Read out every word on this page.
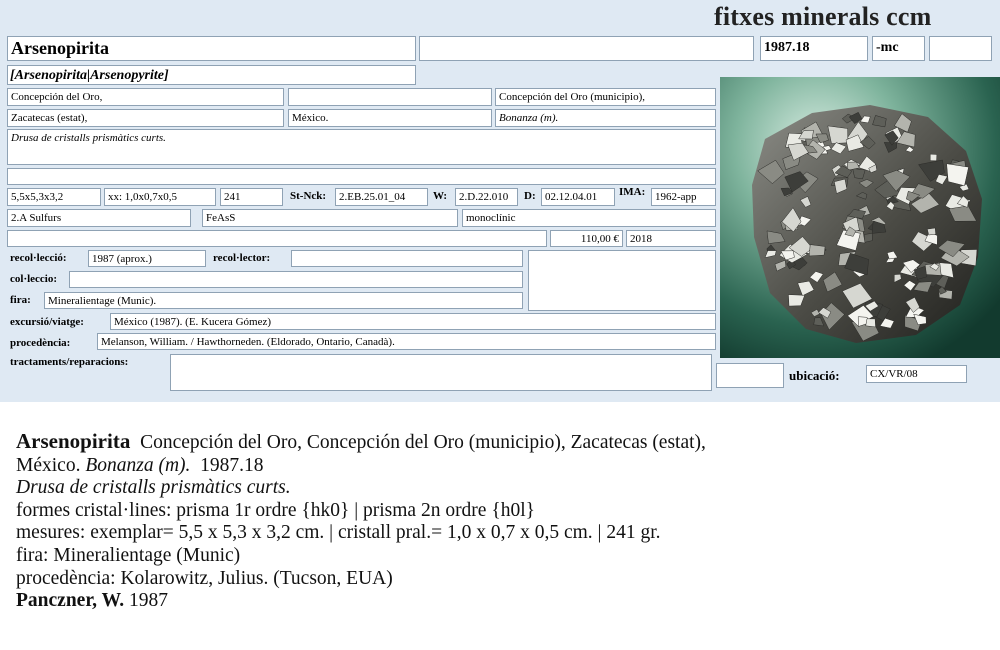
fitxes minerals ccm
Arsenopirita	1987.18	-mc
[Arsenopirita|Arsenopyrite]
Concepción del Oro,	Concepción del Oro (municipio),
Zacatecas (estat),	México.	Bonanza (m).
Drusa de cristalls prismàtics curts.
5,5x5,3x3,2	xx: 1,0x0,7x0,5	241	St-Nck:	2.EB.25.01_04	W:	2.D.22.010	D: 02.12.04.01	IMA: 1962-app
2.A Sulfurs	FeAsS	monoclínic
110,00 €	2018
recol·lecció:	1987 (aprox.)	recol·lector:
col·leccio:
fira:	Mineralientage (Munic).
excursió/viatge:	México (1987). (E. Kucera Gómez)
procedència:	Melanson, William. / Hawthorneden. (Eldorado, Ontario, Canadà).
tractaments/reparacions:
ubicació:	CX/VR/08
Arsenopirita Concepción del Oro, Concepción del Oro (municipio), Zacatecas (estat),
México. Bonanza (m). 1987.18
Drusa de cristalls prismàtics curts.
formes cristal·lines: prisma 1r ordre {hk0} | prisma 2n ordre {h0l}
mesures: exemplar= 5,5 x 5,3 x 3,2 cm. | cristall pral.= 1,0 x 0,7 x 0,5 cm. | 241 gr.
fira: Mineralientage (Munic)
procedència: Kolarowitz, Julius. (Tucson, EUA)
Panczner, W. 1987
